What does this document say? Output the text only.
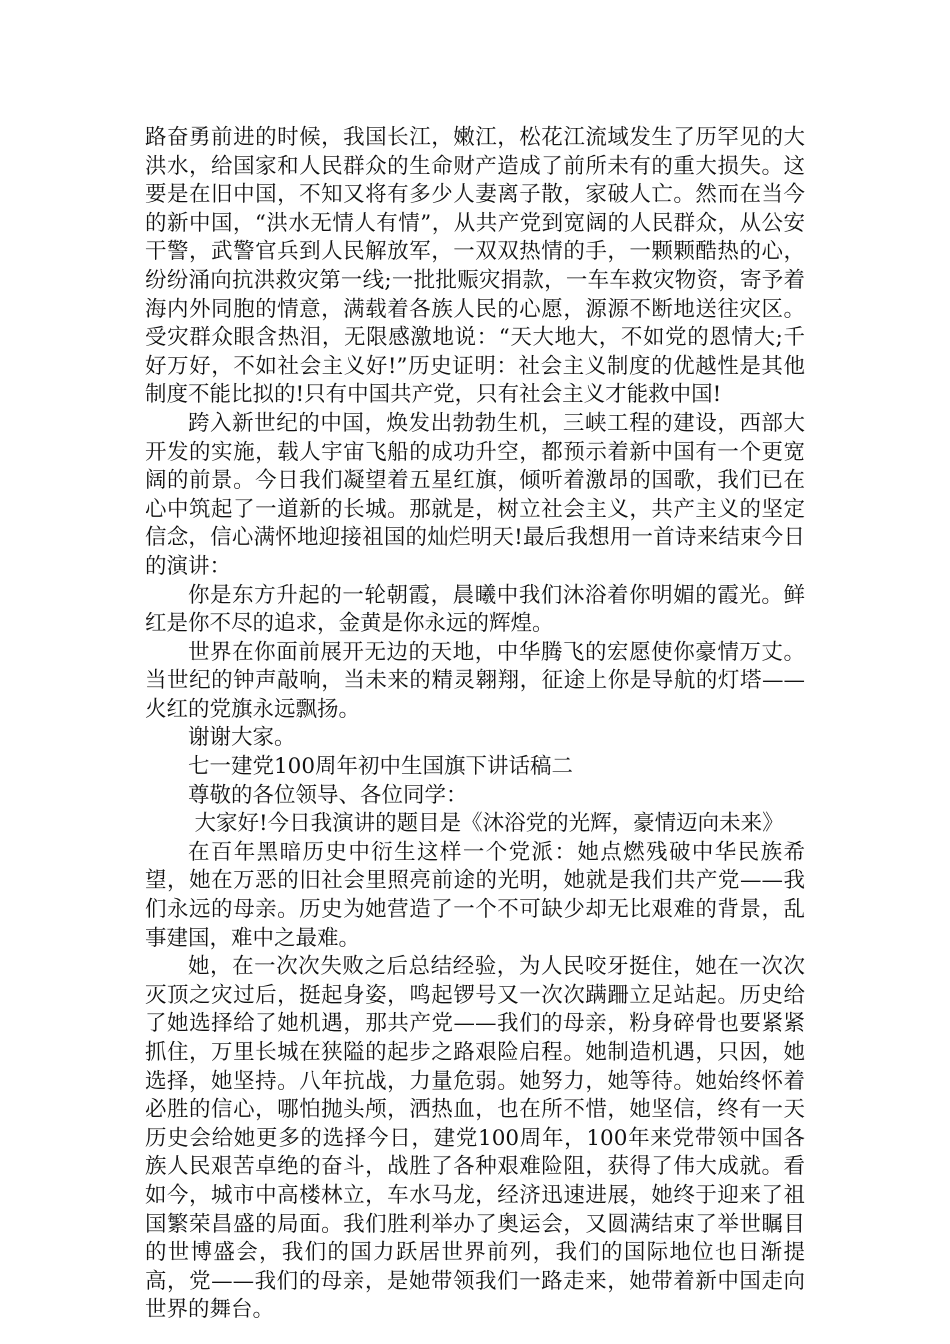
路奋勇前进的时候，我国长江，嫩江，松花江流域发生了历罕见的大洪水，给国家和人民群众的生命财产造成了前所未有的重大损失。这要是在旧中国，不知又将有多少人妻离子散，家破人亡。然而在当今的新中国，“洪水无情人有情”，从共产党到宽阔的人民群众，从公安干警，武警官兵到人民解放军，一双双热情的手，一颗颗酷热的心，纷纷涌向抗洪救灾第一线;一批批赈灾捐款，一车车救灾物资，寄予着海内外同胞的情意，满载着各族人民的心愿，源源不断地送往灾区。受灾群众眼含热泪，无限感激地说：“天大地大，不如党的恩情大;千好万好，不如社会主义好!”历史证明：社会主义制度的优越性是其他制度不能比拟的!只有中国共产党，只有社会主义才能救中国!

跨入新世纪的中国，焕发出勃勃生机，三峡工程的建设，西部大开发的实施，载人宇宙飞船的成功升空，都预示着新中国有一个更宽阔的前景。今日我们凝望着五星红旗，倾听着激昂的国歌，我们已在心中筑起了一道新的长城。那就是，树立社会主义，共产主义的坚定信念，信心满怀地迎接祖国的灿烂明天!最后我想用一首诗来结束今日的演讲：

你是东方升起的一轮朝霞，晨曦中我们沐浴着你明媚的霞光。鲜红是你不尽的追求，金黄是你永远的辉煌。

世界在你面前展开无边的天地，中华腾飞的宏愿使你豪情万丈。当世纪的钟声敲响，当未来的精灵翱翔，征途上你是导航的灯塔——火红的党旗永远飘扬。

谢谢大家。

七一建党100周年初中生国旗下讲话稿二

尊敬的各位领导、各位同学：

大家好!今日我演讲的题目是《沐浴党的光辉，豪情迈向未来》

在百年黑暗历史中衍生这样一个党派：她点燃残破中华民族希望，她在万恶的旧社会里照亮前途的光明，她就是我们共产党——我们永远的母亲。历史为她营造了一个不可缺少却无比艰难的背景，乱事建国，难中之最难。

她，在一次次失败之后总结经验，为人民咬牙挺住，她在一次次灭顶之灾过后，挺起身姿，鸣起锣号又一次次蹒跚立足站起。历史给了她选择给了她机遇，那共产党——我们的母亲，粉身碎骨也要紧紧抓住，万里长城在狭隘的起步之路艰险启程。她制造机遇，只因，她选择，她坚持。八年抗战，力量危弱。她努力，她等待。她始终怀着必胜的信心，哪怕抛头颅，洒热血，也在所不惜，她坚信，终有一天历史会给她更多的选择今日，建党100周年，100年来党带领中国各族人民艰苦卓绝的奋斗，战胜了各种艰难险阻，获得了伟大成就。看如今，城市中高楼林立，车水马龙，经济迅速进展，她终于迎来了祖国繁荣昌盛的局面。我们胜利举办了奥运会，又圆满结束了举世瞩目的世博盛会，我们的国力跃居世界前列，我们的国际地位也日渐提高，党——我们的母亲，是她带领我们一路走来，她带着新中国走向世界的舞台。
